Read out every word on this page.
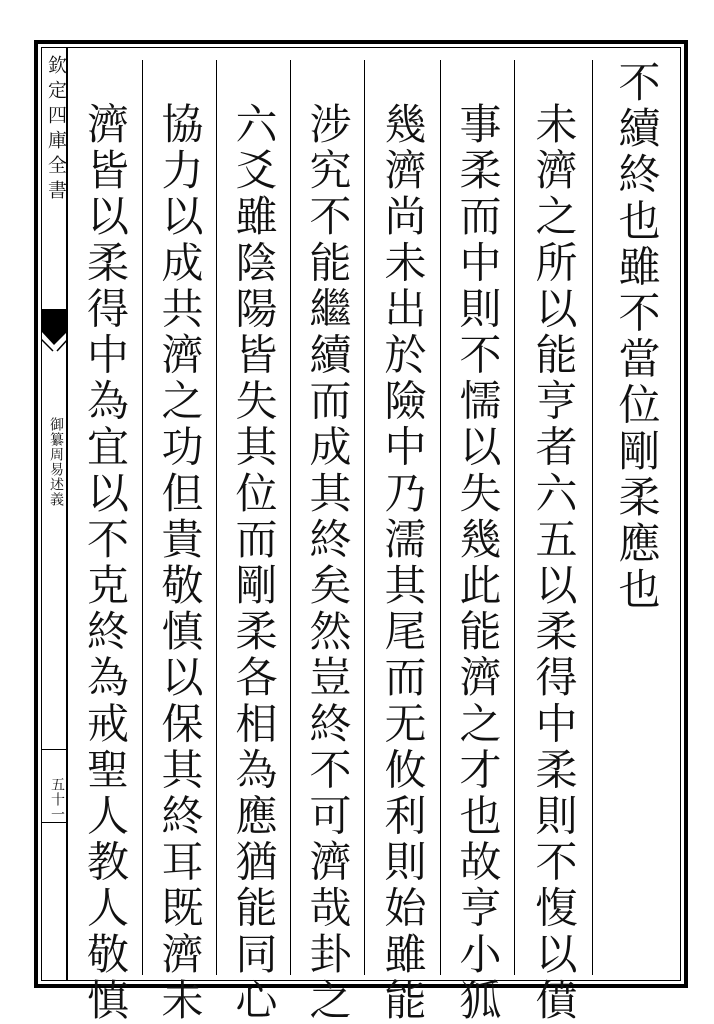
欽定四庫全書
御纂周易述義
五十一
不續終也雖不當位剛柔應也
未濟之所以能亨者六五以柔得中柔則不愎以僨
事柔而中則不懦以失幾此能濟之才也故亨小狐
幾濟尚未出於險中乃濡其尾而无攸利則始雖能
涉究不能繼續而成其終矣然豈終不可濟哉卦之
六爻雖陰陽皆失其位而剛柔各相為應猶能同心
協力以成共濟之功但貴敬慎以保其終耳既濟未
濟皆以柔得中為宜以不克終為戒聖人教人敬慎
